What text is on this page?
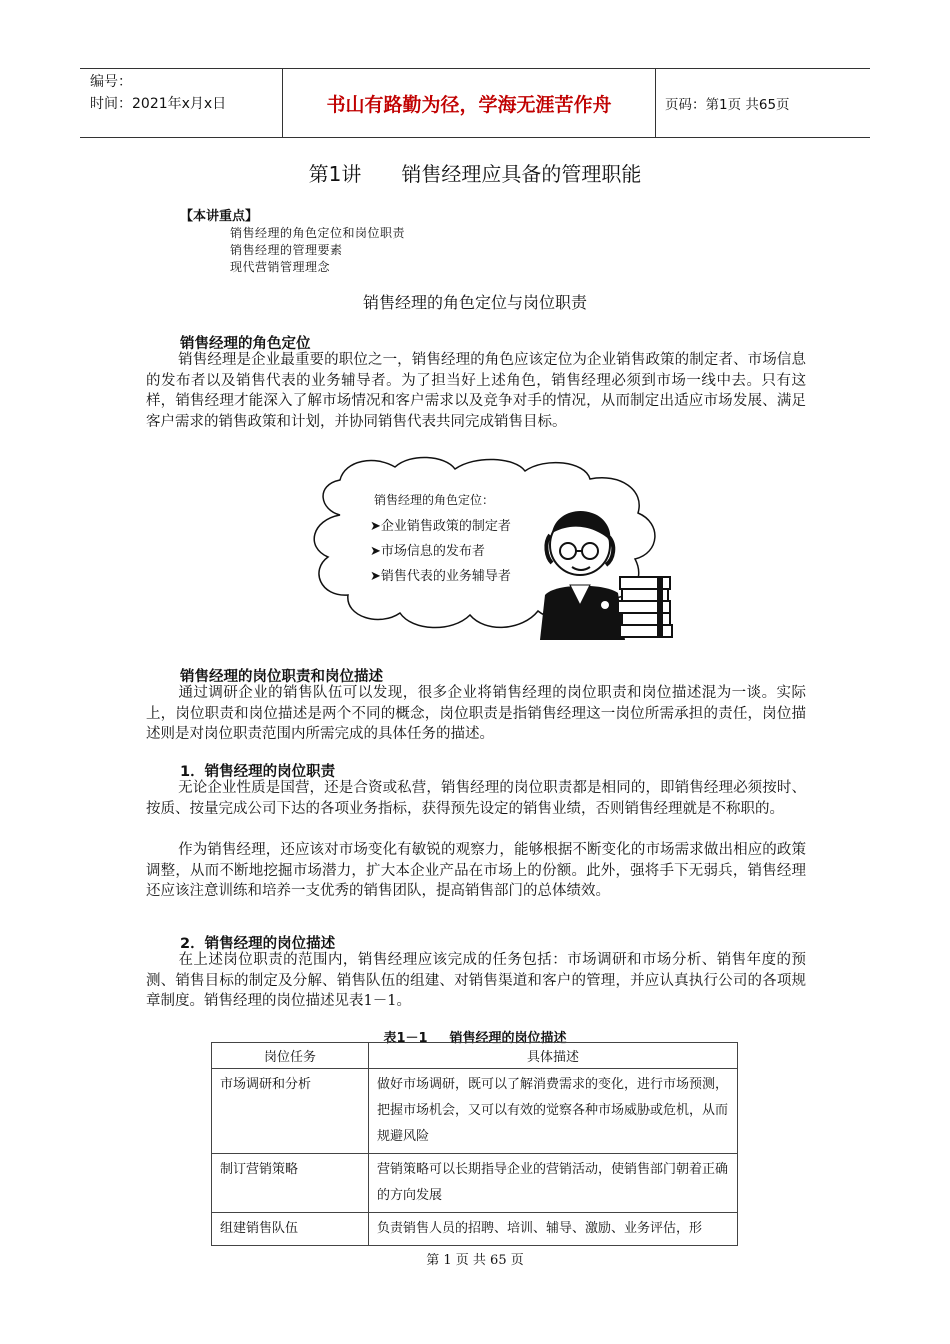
编号：
时间：2021年x月x日	书山有路勤为径，学海无涯苦作舟	页码：第1页 共65页
第1讲 销售经理应具备的管理职能
【本讲重点】
销售经理的角色定位和岗位职责
销售经理的管理要素
现代营销管理理念
销售经理的角色定位与岗位职责
销售经理的角色定位
销售经理是企业最重要的职位之一，销售经理的角色应该定位为企业销售政策的制定者、市场信息的发布者以及销售代表的业务辅导者。为了担当好上述角色，销售经理必须到市场一线中去。只有这样，销售经理才能深入了解市场情况和客户需求以及竞争对手的情况，从而制定出适应市场发展、满足客户需求的销售政策和计划，并协同销售代表共同完成销售目标。
销售经理的角色定位：
➤企业销售政策的制定者
➤市场信息的发布者
➤销售代表的业务辅导者
销售经理的岗位职责和岗位描述
通过调研企业的销售队伍可以发现，很多企业将销售经理的岗位职责和岗位描述混为一谈。实际上，岗位职责和岗位描述是两个不同的概念，岗位职责是指销售经理这一岗位所需承担的责任，岗位描述则是对岗位职责范围内所需完成的具体任务的描述。
1．销售经理的岗位职责
无论企业性质是国营，还是合资或私营，销售经理的岗位职责都是相同的，即销售经理必须按时、按质、按量完成公司下达的各项业务指标，获得预先设定的销售业绩，否则销售经理就是不称职的。
作为销售经理，还应该对市场变化有敏锐的观察力，能够根据不断变化的市场需求做出相应的政策调整，从而不断地挖掘市场潜力，扩大本企业产品在市场上的份额。此外，强将手下无弱兵，销售经理还应该注意训练和培养一支优秀的销售团队，提高销售部门的总体绩效。
2．销售经理的岗位描述
在上述岗位职责的范围内，销售经理应该完成的任务包括：市场调研和市场分析、销售年度的预测、销售目标的制定及分解、销售队伍的组建、对销售渠道和客户的管理，并应认真执行公司的各项规章制度。销售经理的岗位描述见表1－1。
表1－1 销售经理的岗位描述
岗位任务	具体描述
市场调研和分析	做好市场调研，既可以了解消费需求的变化，进行市场预测，把握市场机会，又可以有效的觉察各种市场威胁或危机，从而规避风险
制订营销策略	营销策略可以长期指导企业的营销活动，使销售部门朝着正确的方向发展
组建销售队伍	负责销售人员的招聘、培训、辅导、激励、业务评估，形
第 1 页 共 65 页
